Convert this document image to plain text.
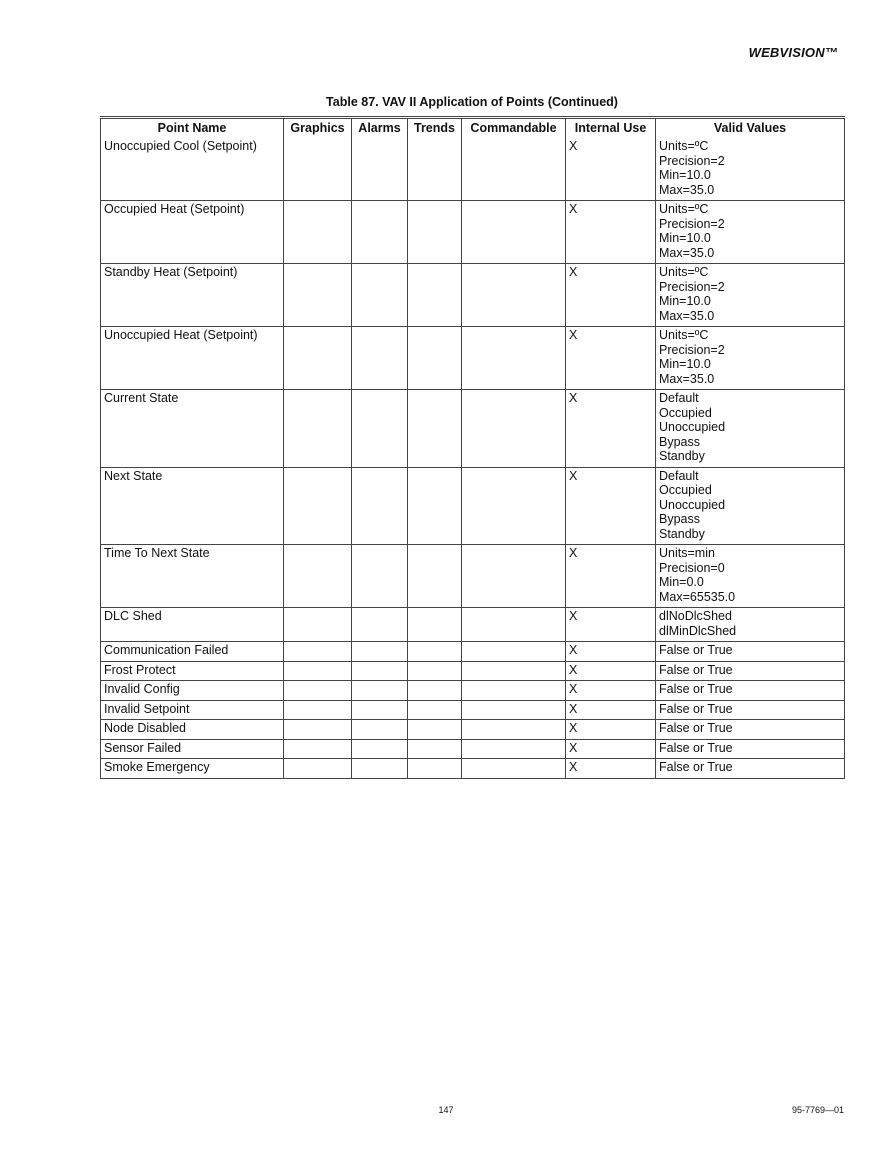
WEBVISION™
Table 87. VAV II Application of Points (Continued)
Point Name	Graphics	Alarms	Trends	Commandable	Internal Use	Valid Values
Unoccupied Cool (Setpoint)					X	Units=ºC
Precision=2
Min=10.0
Max=35.0

Occupied Heat (Setpoint)					X	Units=ºC
Precision=2
Min=10.0
Max=35.0

Standby Heat (Setpoint)					X	Units=ºC
Precision=2
Min=10.0
Max=35.0

Unoccupied Heat (Setpoint)					X	Units=ºC
Precision=2
Min=10.0
Max=35.0

Current State					X	Default
Occupied
Unoccupied
Bypass
Standby

Next State					X	Default
Occupied
Unoccupied
Bypass
Standby

Time To Next State					X	Units=min
Precision=0
Min=0.0
Max=65535.0

DLC Shed					X	dlNoDlcShed
dlMinDlcShed

Communication Failed					X	False or True

Frost Protect					X	False or True

Invalid Config					X	False or True

Invalid Setpoint					X	False or True

Node Disabled					X	False or True

Sensor Failed					X	False or True

Smoke Emergency					X	False or True
147	95-7769—01
